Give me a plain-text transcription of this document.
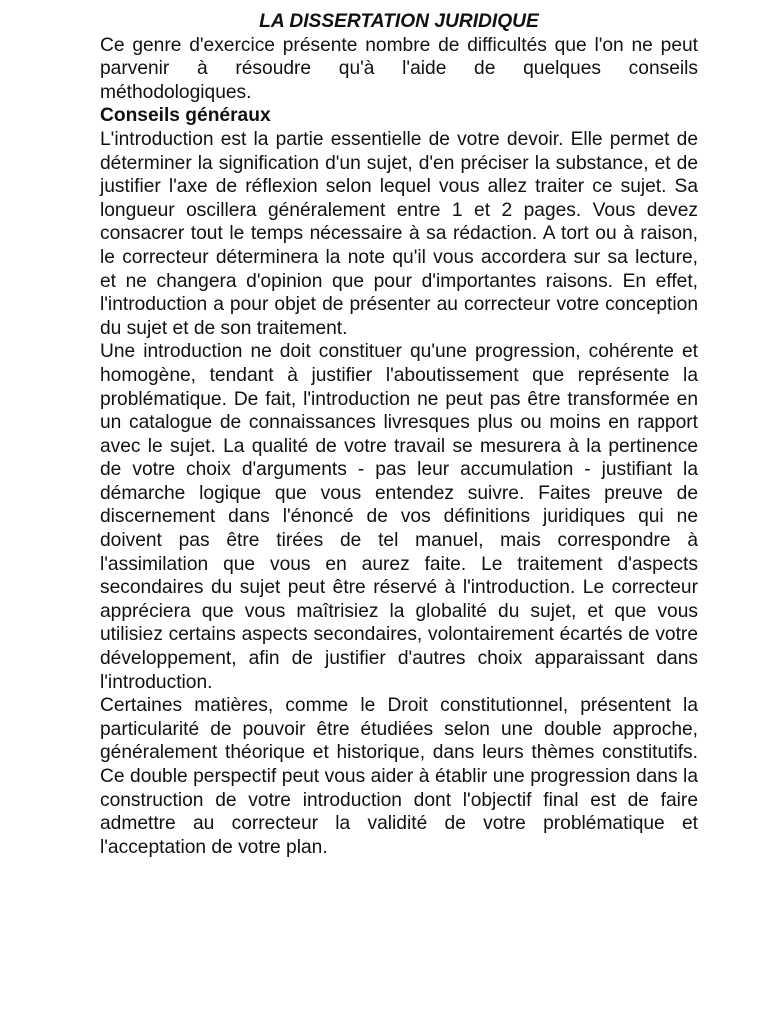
LA DISSERTATION JURIDIQUE

Ce genre d'exercice présente nombre de difficultés que l'on ne peut parvenir à résoudre qu'à l'aide de quelques conseils méthodologiques.

Conseils généraux

L'introduction est la partie essentielle de votre devoir. Elle permet de déterminer la signification d'un sujet, d'en préciser la substance, et de justifier l'axe de réflexion selon lequel vous allez traiter ce sujet. Sa longueur oscillera généralement entre 1 et 2 pages. Vous devez consacrer tout le temps nécessaire à sa rédaction. A tort ou à raison, le correcteur déterminera la note qu'il vous accordera sur sa lecture, et ne changera d'opinion que pour d'importantes raisons. En effet, l'introduction a pour objet de présenter au correcteur votre conception du sujet et de son traitement.

Une introduction ne doit constituer qu'une progression, cohérente et homogène, tendant à justifier l'aboutissement que représente la problématique. De fait, l'introduction ne peut pas être transformée en un catalogue de connaissances livresques plus ou moins en rapport avec le sujet. La qualité de votre travail se mesurera à la pertinence de votre choix d'arguments - pas leur accumulation - justifiant la démarche logique que vous entendez suivre. Faites preuve de discernement dans l'énoncé de vos définitions juridiques qui ne doivent pas être tirées de tel manuel, mais correspondre à l'assimilation que vous en aurez faite. Le traitement d'aspects secondaires du sujet peut être réservé à l'introduction. Le correcteur appréciera que vous maîtrisiez la globalité du sujet, et que vous utilisiez certains aspects secondaires, volontairement écartés de votre développement, afin de justifier d'autres choix apparaissant dans l'introduction.

Certaines matières, comme le Droit constitutionnel, présentent la particularité de pouvoir être étudiées selon une double approche, généralement théorique et historique, dans leurs thèmes constitutifs. Ce double perspectif peut vous aider à établir une progression dans la construction de votre introduction dont l'objectif final est de faire admettre au correcteur la validité de votre problématique et l'acceptation de votre plan.
